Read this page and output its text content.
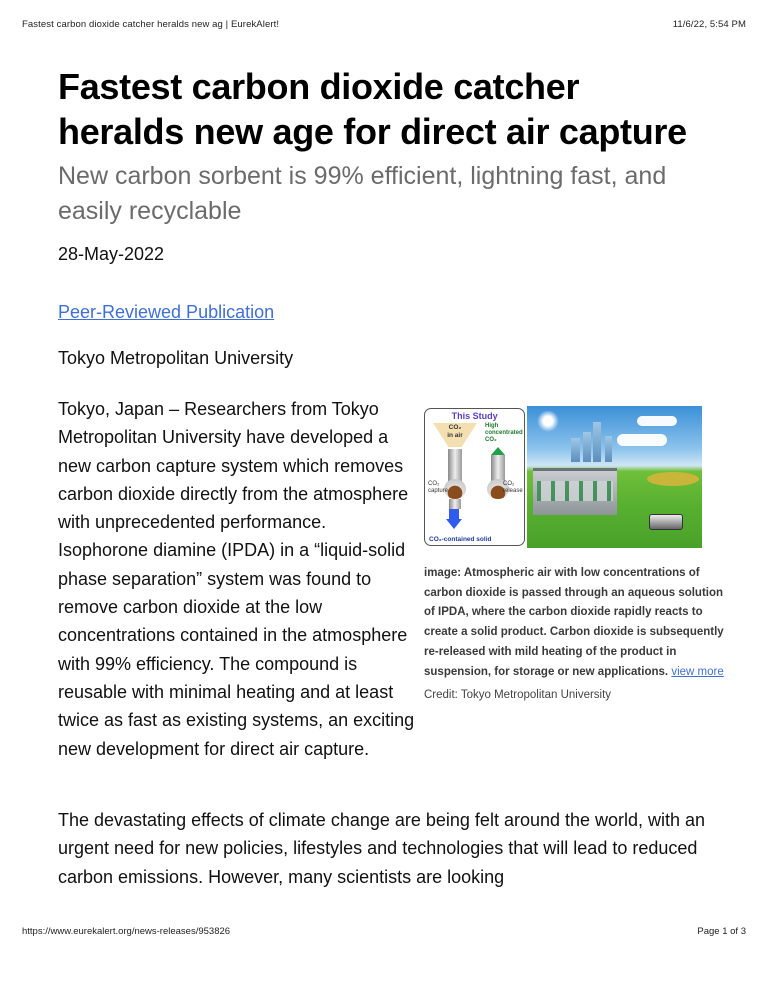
Fastest carbon dioxide catcher heralds new ag | EurekAlert!	11/6/22, 5:54 PM
Fastest carbon dioxide catcher heralds new age for direct air capture
New carbon sorbent is 99% efficient, lightning fast, and easily recyclable
28-May-2022
Peer-Reviewed Publication
Tokyo Metropolitan University

Tokyo, Japan – Researchers from Tokyo Metropolitan University have developed a new carbon capture system which removes carbon dioxide directly from the atmosphere with unprecedented performance. Isophorone diamine (IPDA) in a “liquid-solid phase separation” system was found to remove carbon dioxide at the low concentrations contained in the atmosphere with 99% efficiency. The compound is reusable with minimal heating and at least twice as fast as existing systems, an exciting new development for direct air capture.

This Study
CO₂
in air
High
concentrated
CO₂
CO₂
capture
CO₂
release
CO₂-contained solid
image: Atmospheric air with low concentrations of carbon dioxide is passed through an aqueous solution of IPDA, where the carbon dioxide rapidly reacts to create a solid product. Carbon dioxide is subsequently re-released with mild heating of the product in suspension, for storage or new applications. view more
Credit: Tokyo Metropolitan University

The devastating effects of climate change are being felt around the world, with an urgent need for new policies, lifestyles and technologies that will lead to reduced carbon emissions. However, many scientists are looking

https://www.eurekalert.org/news-releases/953826	Page 1 of 3
